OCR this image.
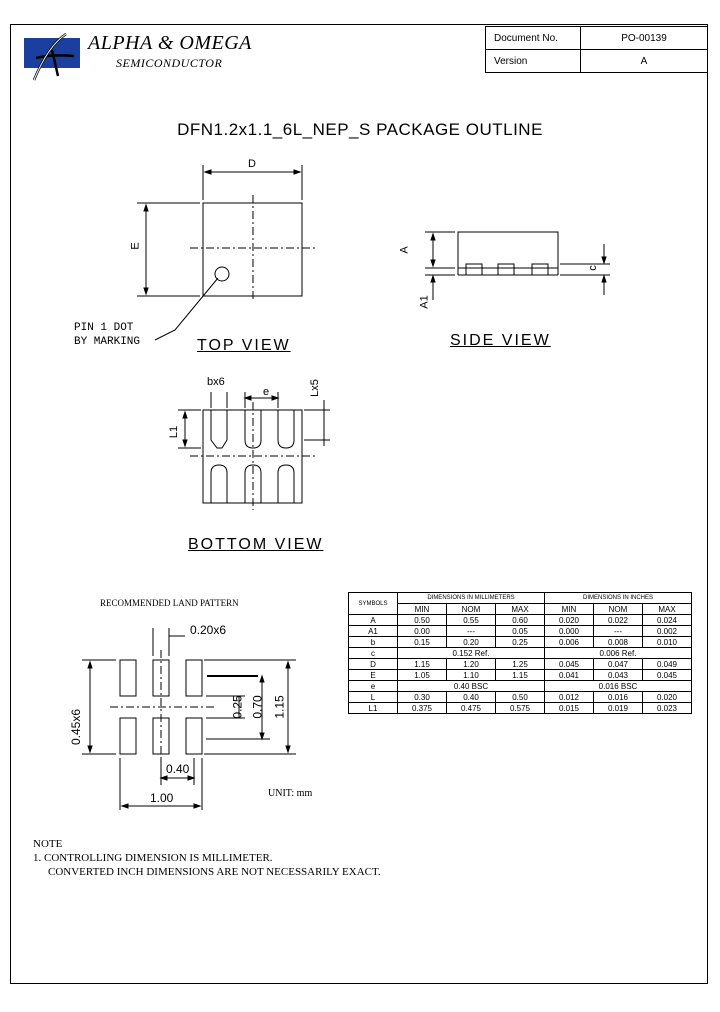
ALPHA & OMEGA
SEMICONDUCTOR
Document No.	PO-00139
Version	A
DFN1.2x1.1_6L_NEP_S PACKAGE OUTLINE
D
E
PIN 1 DOT
BY MARKING	TOP VIEW
A
A1
c
SIDE VIEW
bx6
e	Lx5
L1
BOTTOM VIEW
RECOMMENDED LAND PATTERN
0.20x6
0.45x6
0.25 0.70 1.15
0.40
1.00	UNIT: mm
SYMBOLS	DIMENSIONS IN MILLIMETERS			DIMENSIONS IN INCHES		
	MIN	NOM	MAX	MIN	NOM	MAX
A	0.50	0.55	0.60	0.020	0.022	0.024
A1	0.00	---	0.05	0.000	---	0.002
b	0.15	0.20	0.25	0.006	0.008	0.010
c	0.152 Ref.			0.006 Ref.		
D	1.15	1.20	1.25	0.045	0.047	0.049
E	1.05	1.10	1.15	0.041	0.043	0.045
e	0.40 BSC			0.016 BSC		
L	0.30	0.40	0.50	0.012	0.016	0.020
L1	0.375	0.475	0.575	0.015	0.019	0.023
NOTE
1. CONTROLLING DIMENSION IS MILLIMETER.
CONVERTED INCH DIMENSIONS ARE NOT NECESSARILY EXACT.
